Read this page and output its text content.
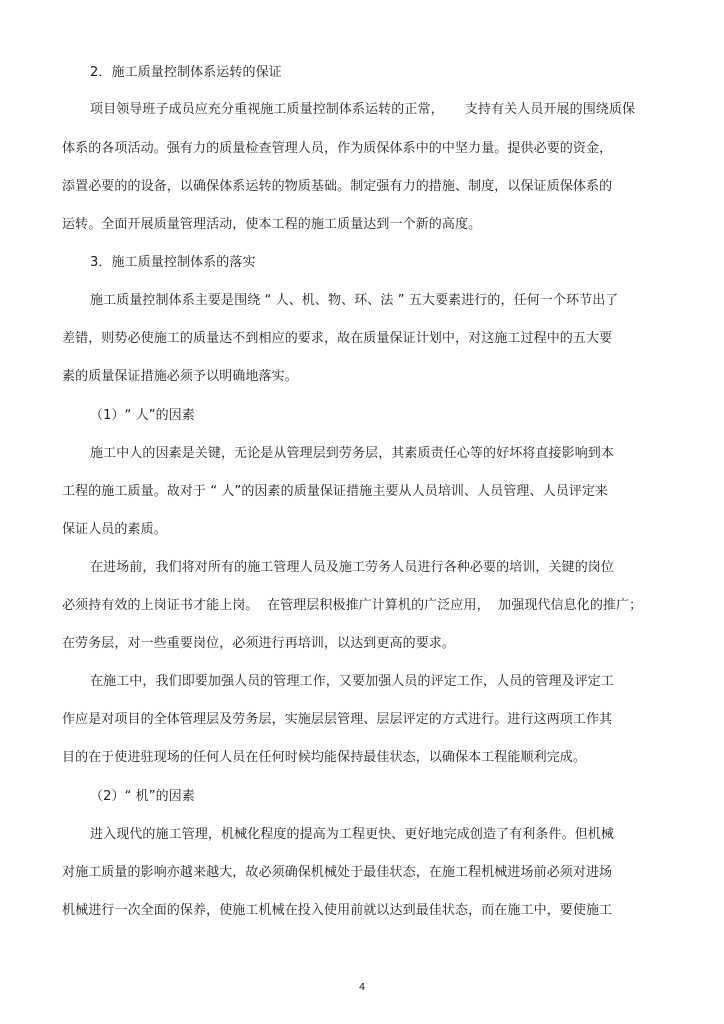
2．施工质量控制体系运转的保证
项目领导班子成员应充分重视施工质量控制体系运转的正常，     支持有关人员开展的围绕质保
体系的各项活动。强有力的质量检查管理人员，作为质保体系中的中坚力量。提供必要的资金，
添置必要的的设备，以确保体系运转的物质基础。制定强有力的措施、制度，以保证质保体系的
运转。全面开展质量管理活动，使本工程的施工质量达到一个新的高度。
3．施工质量控制体系的落实
施工质量控制体系主要是围绕 “ 人、机、物、环、法 ” 五大要素进行的，任何一个环节出了
差错，则势必使施工的质量达不到相应的要求，故在质量保证计划中，对这施工过程中的五大要
素的质量保证措施必须予以明确地落实。
（1）“ 人”的因素
施工中人的因素是关键，无论是从管理层到劳务层，其素质责任心等的好坏将直接影响到本
工程的施工质量。故对于 “ 人”的因素的质量保证措施主要从人员培训、人员管理、人员评定来
保证人员的素质。
在进场前，我们将对所有的施工管理人员及施工劳务人员进行各种必要的培训，关键的岗位
必须持有效的上岗证书才能上岗。  在管理层积极推广计算机的广泛应用，  加强现代信息化的推广；
在劳务层，对一些重要岗位，必须进行再培训，以达到更高的要求。
在施工中，我们即要加强人员的管理工作，又要加强人员的评定工作，人员的管理及评定工
作应是对项目的全体管理层及劳务层，实施层层管理、层层评定的方式进行。进行这两项工作其
目的在于使进驻现场的任何人员在任何时候均能保持最佳状态，以确保本工程能顺利完成。
（2）“ 机”的因素
进入现代的施工管理，机械化程度的提高为工程更快、更好地完成创造了有利条件。但机械
对施工质量的影响亦越来越大，故必须确保机械处于最佳状态，在施工程机械进场前必须对进场
机械进行一次全面的保养，使施工机械在投入使用前就以达到最佳状态，而在施工中，要使施工
4
